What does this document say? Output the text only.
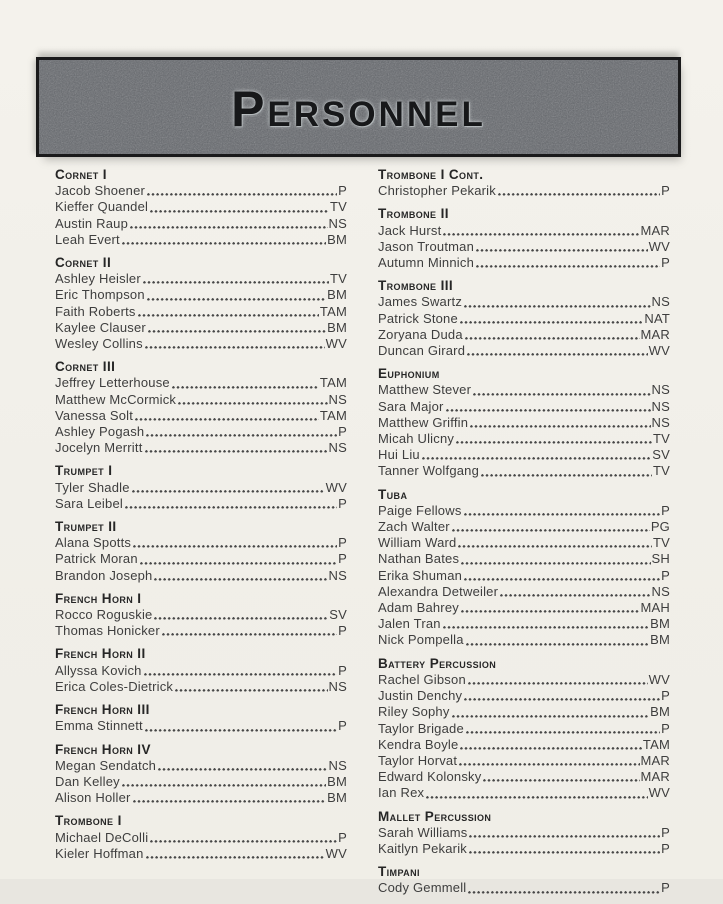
Personnel
Cornet I
Jacob Shoener	P
Kieffer Quandel	TV
Austin Raup	NS
Leah Evert	BM
Cornet II
Ashley Heisler	TV
Eric Thompson	BM
Faith Roberts	TAM
Kaylee Clauser	BM
Wesley Collins	WV
Cornet III
Jeffrey Letterhouse	TAM
Matthew McCormick	NS
Vanessa Solt	TAM
Ashley Pogash	P
Jocelyn Merritt	NS
Trumpet I
Tyler Shadle	WV
Sara Leibel	P
Trumpet II
Alana Spotts	P
Patrick Moran	P
Brandon Joseph	NS
French Horn I
Rocco Roguskie	SV
Thomas Honicker	P
French Horn II
Allyssa Kovich	P
Erica Coles-Dietrick	NS
French Horn III
Emma Stinnett	P
French Horn IV
Megan Sendatch	NS
Dan Kelley	BM
Alison Holler	BM
Trombone I
Michael DeColli	P
Kieler Hoffman	WV
Trombone I Cont.
Christopher Pekarik	P
Trombone II
Jack Hurst	MAR
Jason Troutman	WV
Autumn Minnich	P
Trombone III
James Swartz	NS
Patrick Stone	NAT
Zoryana Duda	MAR
Duncan Girard	WV
Euphonium
Matthew Stever	NS
Sara Major	NS
Matthew Griffin	NS
Micah Ulicny	TV
Hui Liu	SV
Tanner Wolfgang	TV
Tuba
Paige Fellows	P
Zach Walter	PG
William Ward	TV
Nathan Bates	SH
Erika Shuman	P
Alexandra Detweiler	NS
Adam Bahrey	MAH
Jalen Tran	BM
Nick Pompella	BM
Battery Percussion
Rachel Gibson	WV
Justin Denchy	P
Riley Sophy	BM
Taylor Brigade	P
Kendra Boyle	TAM
Taylor Horvat	MAR
Edward Kolonsky	MAR
Ian Rex	WV
Mallet Percussion
Sarah Williams	P
Kaitlyn Pekarik	P
Timpani
Cody Gemmell	P
